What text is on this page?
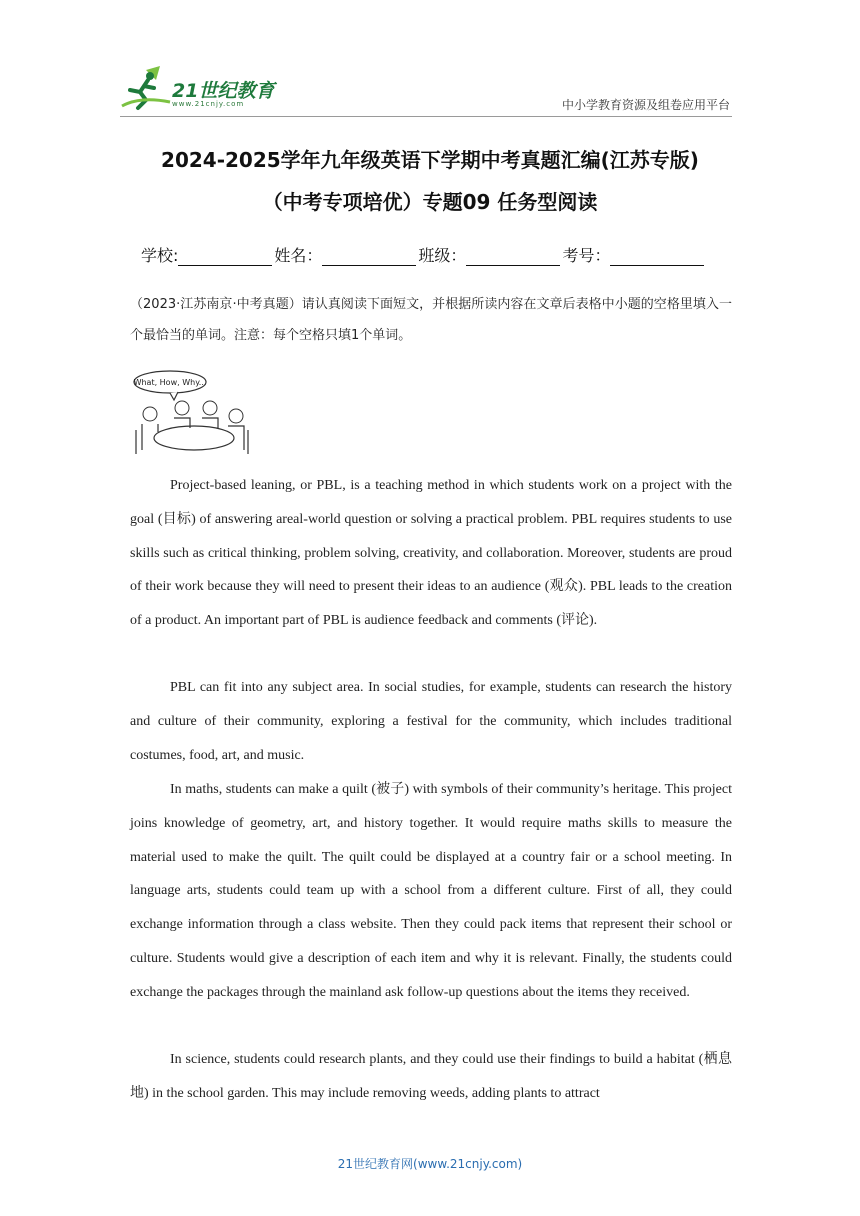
21世纪教育
www.21cnjy.com	中小学教育资源及组卷应用平台
2024-2025学年九年级英语下学期中考真题汇编(江苏专版)
（中考专项培优）专题09 任务型阅读
学校:	姓名：	班级：	考号：

（2023·江苏南京·中考真题）请认真阅读下面短文，并根据所读内容在文章后表格中小题的空格里填入一个最恰当的单词。注意：每个空格只填1个单词。

What, How, Why...

Project-based leaning, or PBL, is a teaching method in which students work on a project with the goal (目标) of answering areal-world question or solving a practical problem. PBL requires students to use skills such as critical thinking, problem solving, creativity, and collaboration. Moreover, students are proud of their work because they will need to present their ideas to an audience (观众). PBL leads to the creation of a product. An important part of PBL is audience feedback and comments (评论).

PBL can fit into any subject area. In social studies, for example, students can research the history and culture of their community, exploring a festival for the community, which includes traditional costumes, food, art, and music.

In maths, students can make a quilt (被子) with symbols of their community’s heritage. This project joins knowledge of geometry, art, and history together. It would require maths skills to measure the material used to make the quilt. The quilt could be displayed at a country fair or a school meeting. In language arts, students could team up with a school from a different culture. First of all, they could exchange information through a class website. Then they could pack items that represent their school or culture. Students would give a description of each item and why it is relevant. Finally, the students could exchange the packages through the mainland ask follow-up questions about the items they received.

In science, students could research plants, and they could use their findings to build a habitat (栖息地) in the school garden. This may include removing weeds, adding plants to attract

21世纪教育网(www.21cnjy.com)
